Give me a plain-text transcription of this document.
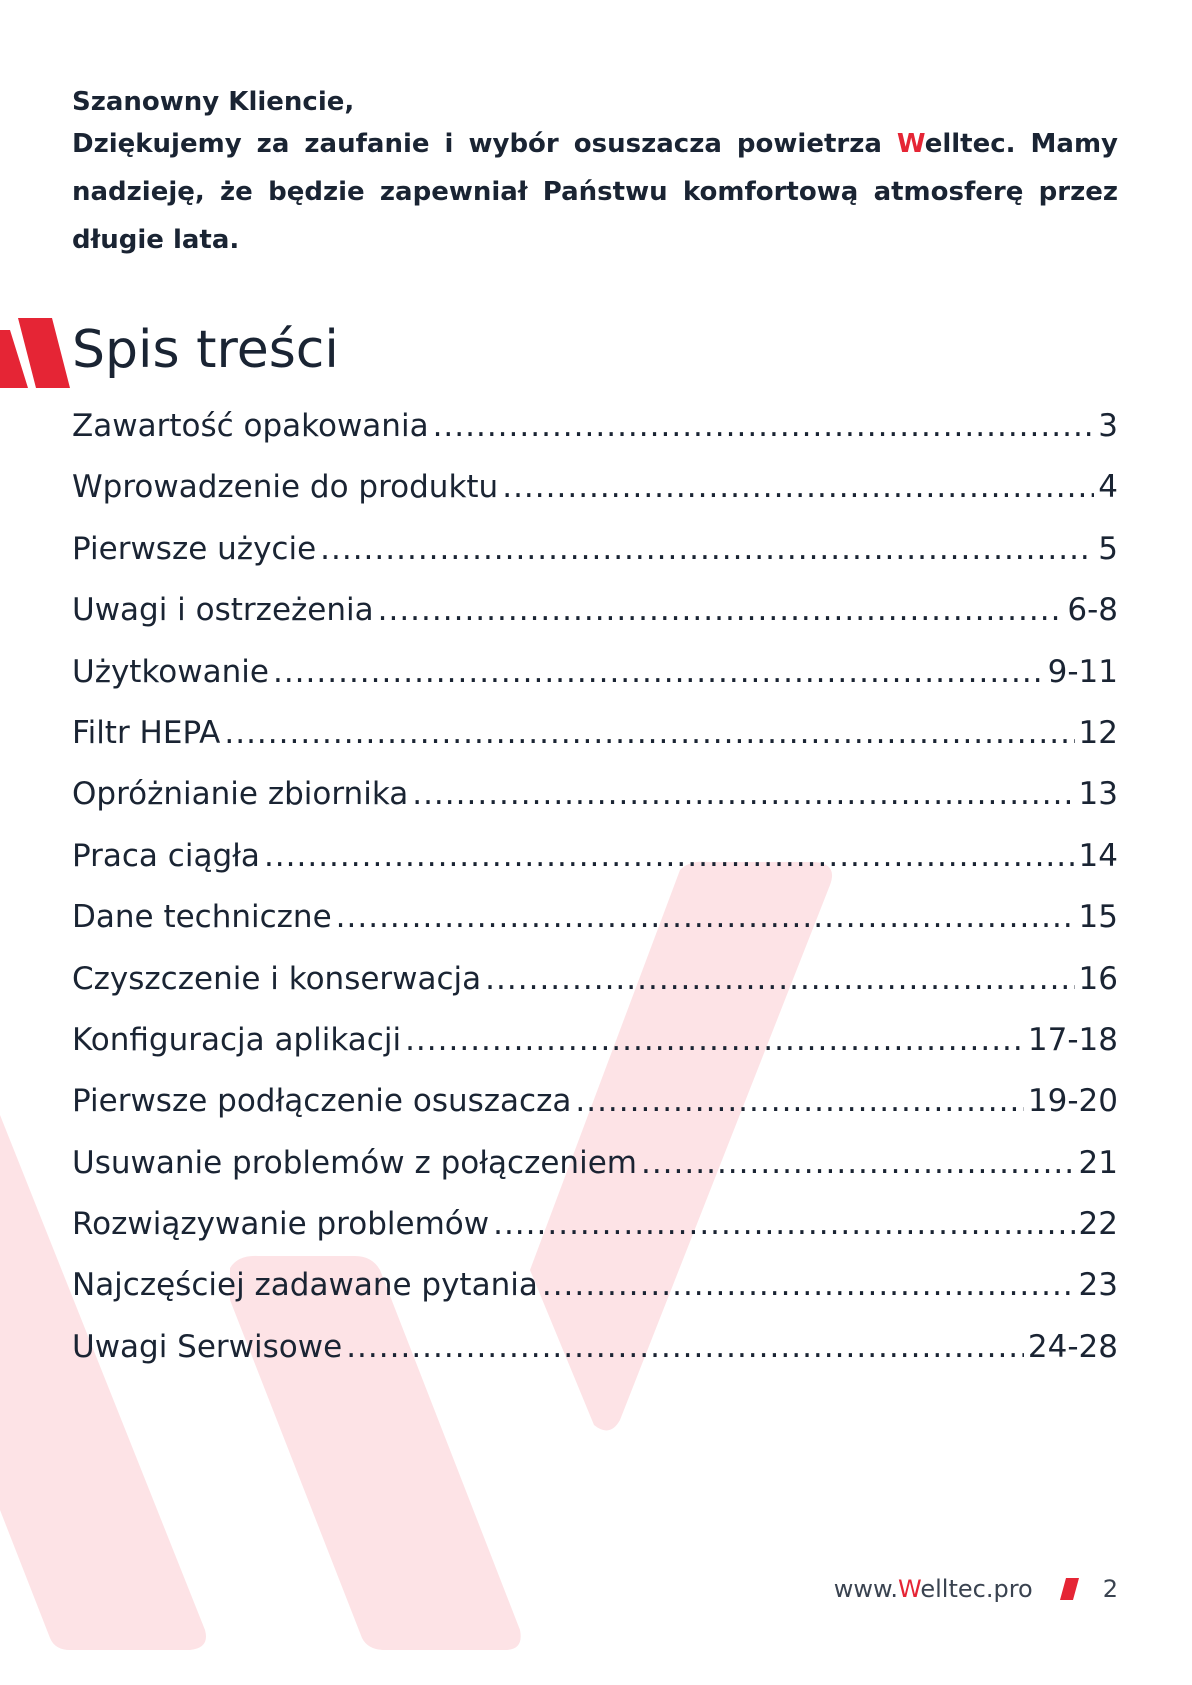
Szanowny Kliencie,

Dziękujemy za zaufanie i wybór osuszacza powietrza Welltec. Mamy nadzieję, że będzie zapewniał Państwu komfortową atmosferę przez długie lata.

Spis treści
Zawartość opakowania .....	3
Wprowadzenie do produktu .....	4
Pierwsze użycie .....	5
Uwagi i ostrzeżenia .....	6-8
Użytkowanie .....	9-11
Filtr HEPA .....	12
Opróżnianie zbiornika .....	13
Praca ciągła .....	14
Dane techniczne .....	15
Czyszczenie i konserwacja .....	16
Konfiguracja aplikacji .....	17-18
Pierwsze podłączenie osuszacza .....	19-20
Usuwanie problemów z połączeniem .....	21
Rozwiązywanie problemów .....	22
Najczęściej zadawane pytania .....	23
Uwagi Serwisowe .....	24-28
www.Welltec.pro	2
